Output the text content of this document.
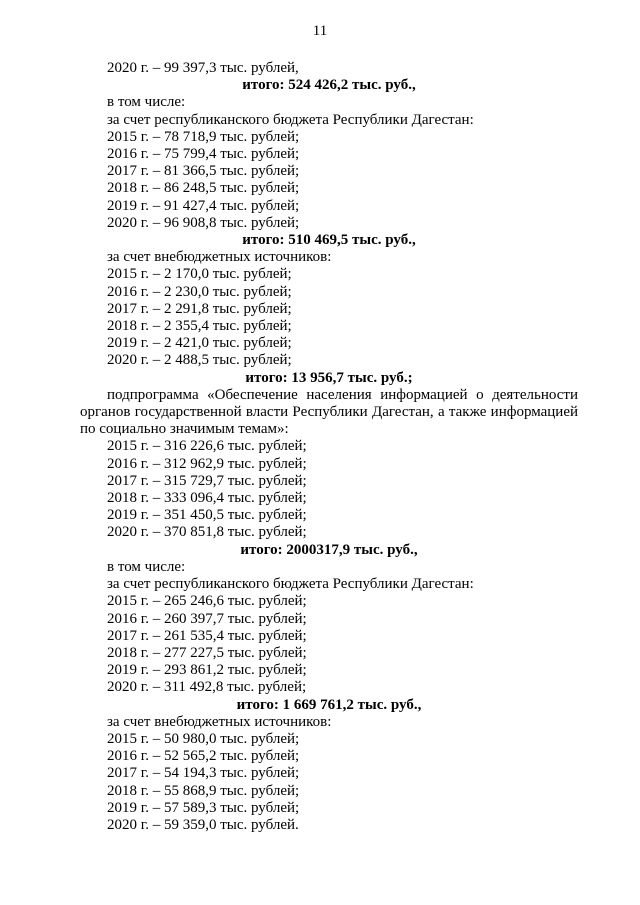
11
2020 г. – 99 397,3 тыс. рублей,
итого: 524 426,2 тыс. руб.,
в том числе:
за счет республиканского бюджета Республики Дагестан:
2015 г. – 78 718,9 тыс. рублей;
2016 г. – 75 799,4 тыс. рублей;
2017 г. – 81 366,5 тыс. рублей;
2018 г. – 86 248,5 тыс. рублей;
2019 г. – 91 427,4 тыс. рублей;
2020 г. – 96 908,8 тыс. рублей;
итого: 510 469,5 тыс. руб.,
за счет внебюджетных источников:
2015 г. – 2 170,0 тыс. рублей;
2016 г. – 2 230,0 тыс. рублей;
2017 г. – 2 291,8 тыс. рублей;
2018 г. – 2 355,4 тыс. рублей;
2019 г. – 2 421,0 тыс. рублей;
2020 г. – 2 488,5 тыс. рублей;
итого: 13 956,7 тыс. руб.;
подпрограмма «Обеспечение населения информацией о деятельности органов государственной власти Республики Дагестан, а также информацией по социально значимым темам»:
2015 г. – 316 226,6 тыс. рублей;
2016 г. – 312 962,9 тыс. рублей;
2017 г. – 315 729,7 тыс. рублей;
2018 г. – 333 096,4 тыс. рублей;
2019 г. – 351 450,5 тыс. рублей;
2020 г. – 370 851,8 тыс. рублей;
итого: 2000317,9 тыс. руб.,
в том числе:
за счет республиканского бюджета Республики Дагестан:
2015 г. – 265 246,6 тыс. рублей;
2016 г. – 260 397,7 тыс. рублей;
2017 г. – 261 535,4 тыс. рублей;
2018 г. – 277 227,5 тыс. рублей;
2019 г. – 293 861,2 тыс. рублей;
2020 г. – 311 492,8 тыс. рублей;
итого: 1 669 761,2 тыс. руб.,
за счет внебюджетных источников:
2015 г. – 50 980,0 тыс. рублей;
2016 г. – 52 565,2 тыс. рублей;
2017 г. – 54 194,3 тыс. рублей;
2018 г. – 55 868,9 тыс. рублей;
2019 г. – 57 589,3 тыс. рублей;
2020 г. – 59 359,0 тыс. рублей.
